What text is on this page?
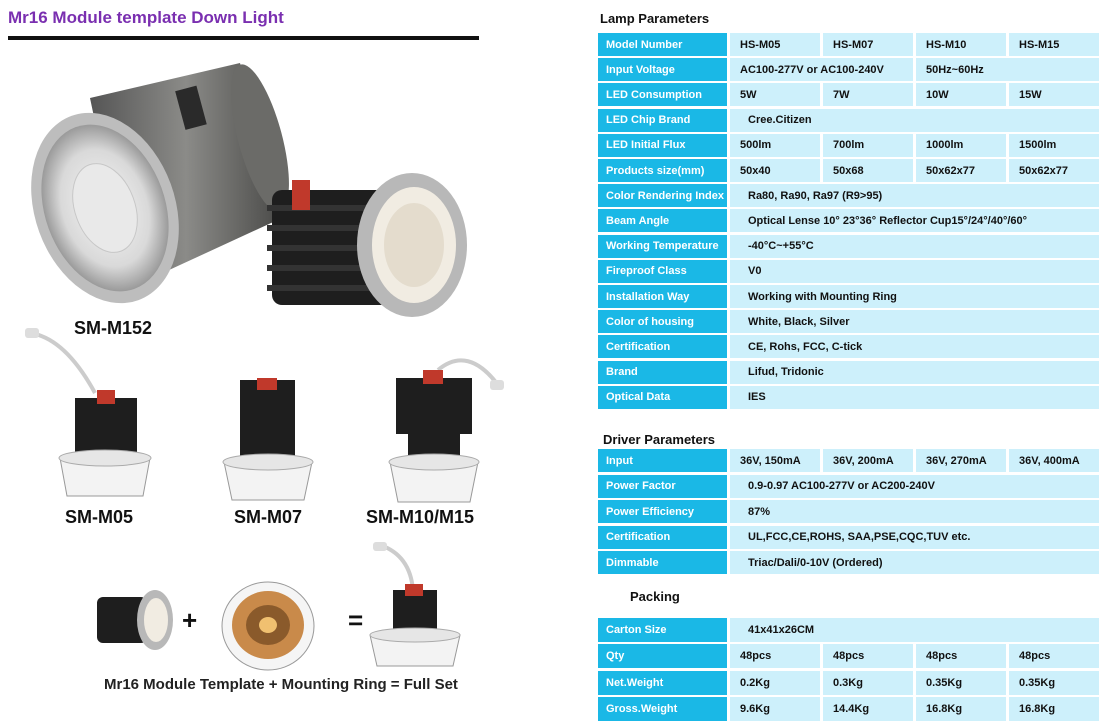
Mr16 Module template Down Light
SM-M152
SM-M05	SM-M07	SM-M10/M15
+	=
Mr16 Module Template + Mounting Ring = Full Set
Lamp Parameters
Model Number	HS-M05	HS-M07	HS-M10	HS-M15
Input Voltage	AC100-277V or AC100-240V	50Hz~60Hz
LED Consumption	5W	7W	10W	15W
LED Chip Brand	Cree.Citizen
LED Initial Flux	500lm	700lm	1000lm	1500lm
Products size(mm)	50x40	50x68	50x62x77	50x62x77
Color Rendering Index	Ra80, Ra90, Ra97 (R9>95)
Beam Angle	Optical Lense 10° 23°36° Reflector Cup15°/24°/40°/60°
Working Temperature	-40°C~+55°C
Fireproof Class	V0
Installation Way	Working with Mounting Ring
Color of housing	White, Black, Silver
Certification	CE, Rohs, FCC, C-tick
Brand	Lifud, Tridonic
Optical Data	IES
Driver Parameters
Input	36V, 150mA	36V, 200mA	36V, 270mA	36V, 400mA
Power Factor	0.9-0.97 AC100-277V or AC200-240V
Power Efficiency	87%
Certification	UL,FCC,CE,ROHS, SAA,PSE,CQC,TUV etc.
Dimmable	Triac/Dali/0-10V (Ordered)
Packing
Carton Size	41x41x26CM
Qty	48pcs	48pcs	48pcs	48pcs
Net.Weight	0.2Kg	0.3Kg	0.35Kg	0.35Kg
Gross.Weight	9.6Kg	14.4Kg	16.8Kg	16.8Kg
